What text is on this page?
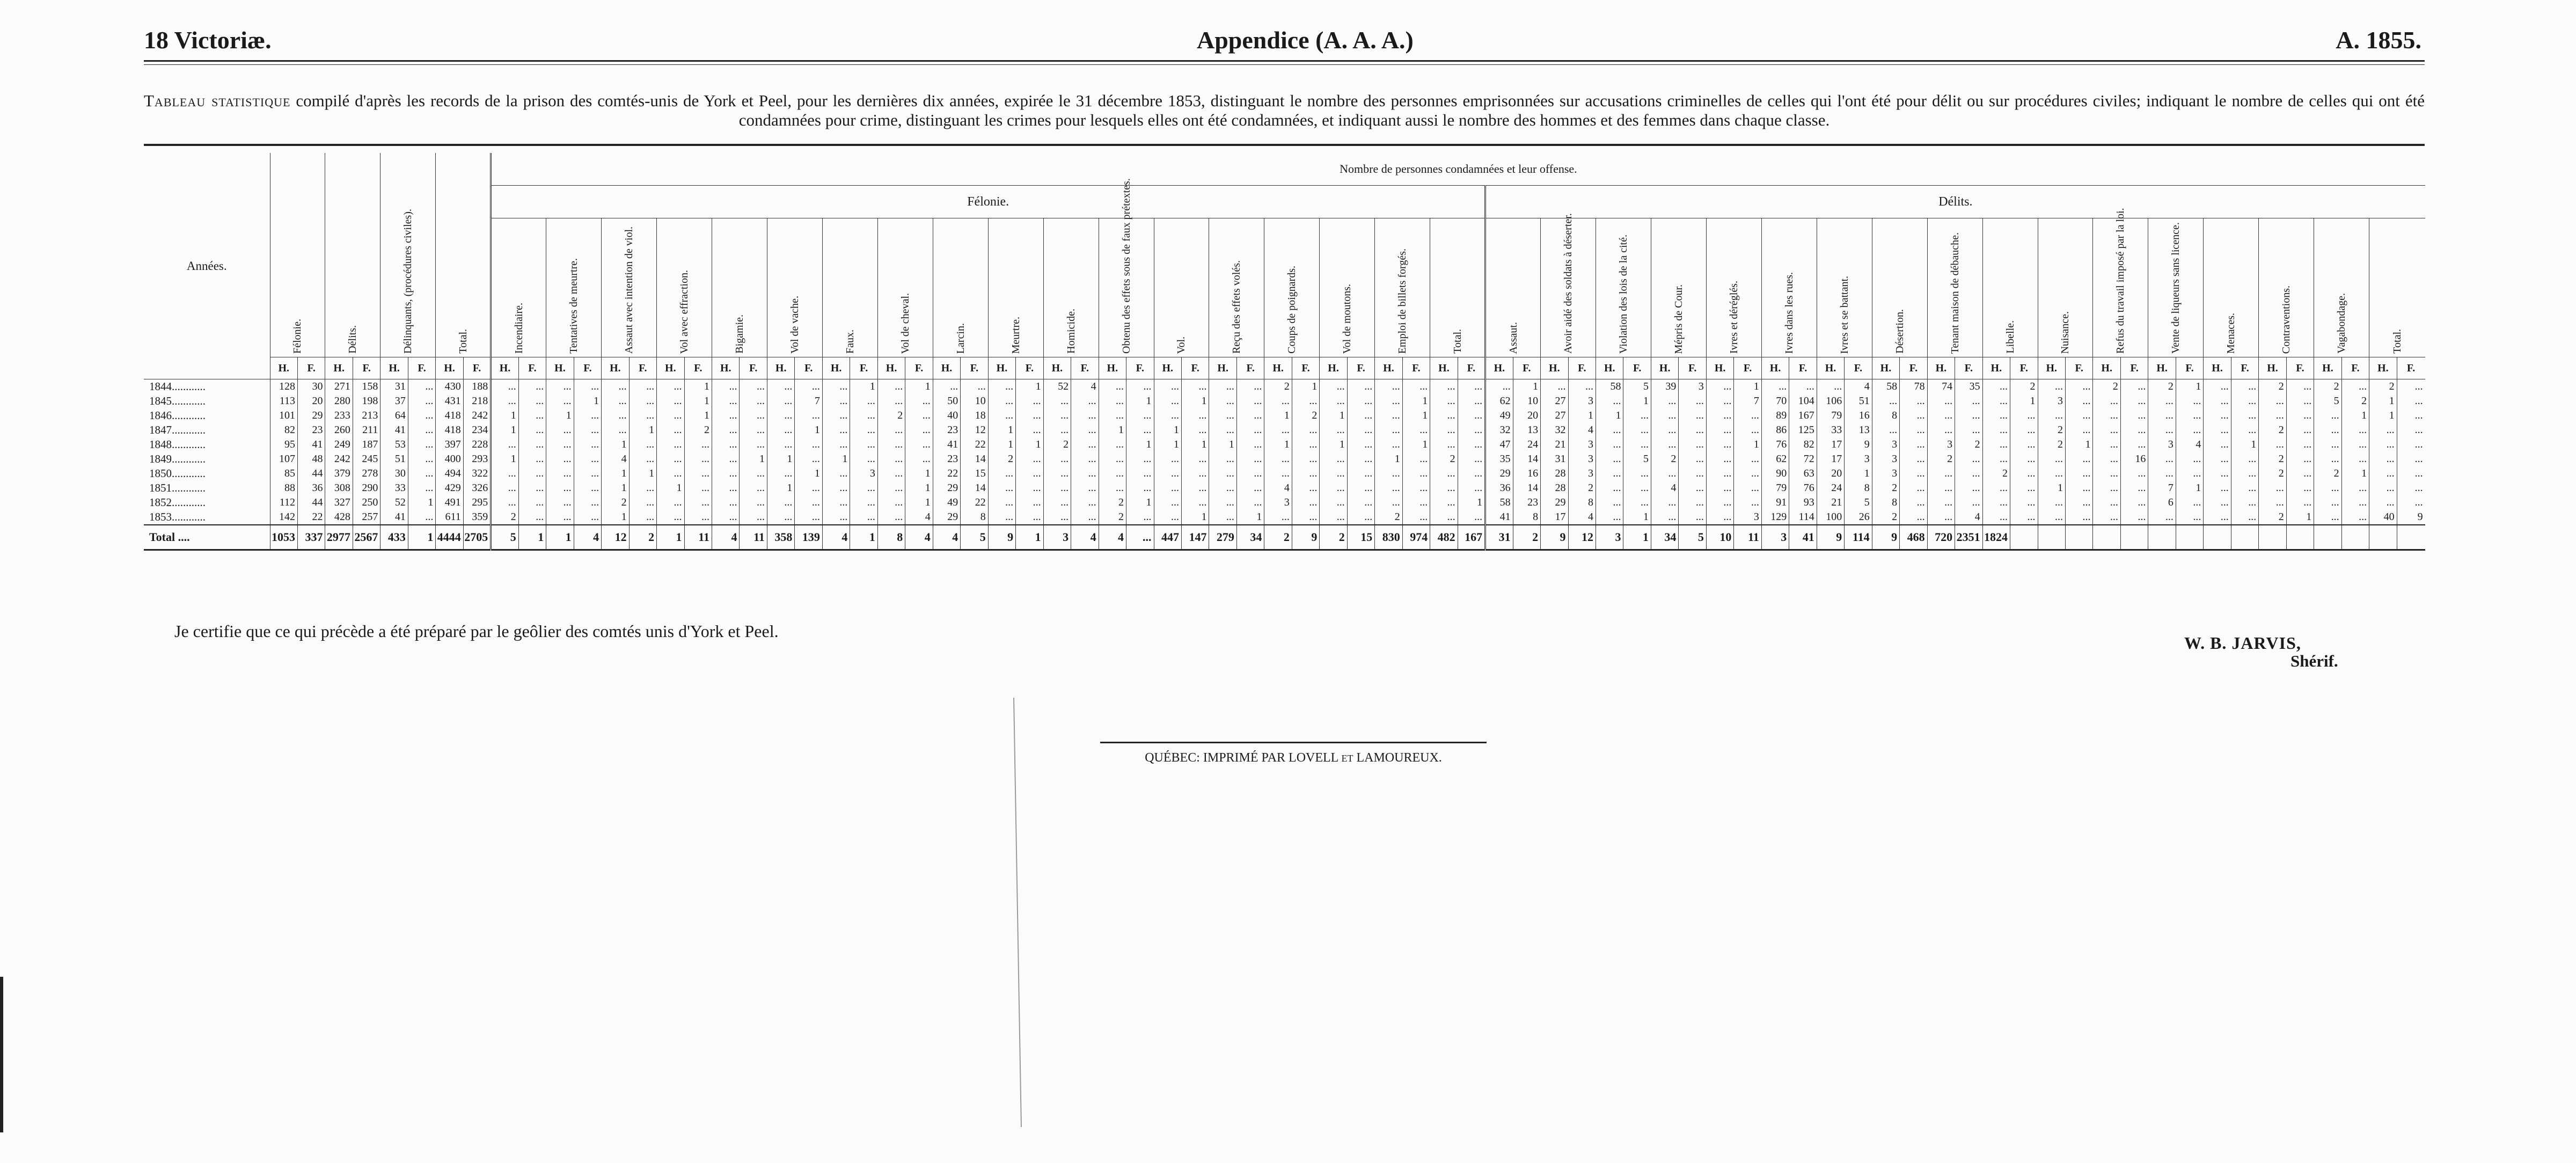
18 Victoriæ.	Appendice (A. A. A.)	A. 1855.
Tableau statistique compilé d'après les records de la prison des comtés-unis de York et Peel, pour les dernières dix années, expirée le 31 décembre 1853, distinguant le nombre des personnes emprisonnées sur accusations criminelles de celles qui l'ont été pour délit ou sur procédures civiles; indiquant le nombre de celles qui ont été condamnées pour crime, distinguant les crimes pour lesquels elles ont été condamnées, et indiquant aussi le nombre des hommes et des femmes dans chaque classe.
Années.	Félonie.	Délits.	Délinquants, (procédures civiles).	Total.	Nombre de personnes condamnées et leur offense.
Félonie.	Délits.
Incendiaire.	Tentatives de meurtre.	Assaut avec intention de viol.	Vol avec effraction.	Bigamie.	Vol de vache.	Faux.	Vol de cheval.	Larcin.	Meurtre.	Homicide.	Obtenu des effets sous de faux prétextes.	Vol.	Reçu des effets volés.	Coups de poignards.	Vol de moutons.	Emploi de billets forgés.	Total.	Assaut.	Avoir aidé des soldats à déserter.	Violation des lois de la cité.	Mépris de Cour.	Ivres et déréglés.	Ivres dans les rues.	Ivres et se battant.	Désertion.	Tenant maison de débauche.	Libelle.	Nuisance.	Refus du travail imposé par la loi.	Vente de liqueurs sans licence.	Menaces.	Contraventions.	Vagabondage.	Total.
H.	F.	H.	F.	H.	F.	H.	F.	H.	F.	H.	F.	H.	F.	H.	F.	H.	F.	H.	F.	H.	F.	H.	F.	H.	F.	H.	F.	H.	F.	H.	F.	H.	F.	H.	F.	H.	F.	H.	F.	H.	F.	H.	F.	H.	F.	H.	F.	H.	F.	H.	F.	H.	F.	H.	F.	H.	F.	H.	F.	H.	F.	H.	F.	H.	F.	H.	F.	H.	F.	H.	F.	H.	F.	H.	F.	H.	F.
1844............	128	30	271	158	31	...	430	188	...	...	...	...	...	...	...	1	...	...	...	...	...	1	...	1	...	...	...	1	52	4	...	...	...	...	...	...	2	1	...	...	...	...	...	...	...	1	...	...	58	5	39	3	...	1	...	...	...	4	58	78	74	35	...	2	...	...	2	...	2	1	...	...	2	...	2	...	2	...
1845............	113	20	280	198	37	...	431	218	...	...	...	1	...	...	...	1	...	...	...	7	...	...	...	...	50	10	...	...	...	...	...	1	...	1	...	...	...	...	...	...	...	1	...	...	62	10	27	3	...	1	...	...	...	7	70	104	106	51	...	...	...	...	...	1	3	...	...	...	...	...	...	...	...	...	5	2	1	...
1846............	101	29	233	213	64	...	418	242	1	...	1	...	...	...	...	1	...	...	...	...	...	...	2	...	40	18	...	...	...	...	...	...	...	...	...	...	1	2	1	...	...	1	...	...	49	20	27	1	1	...	...	...	...	...	89	167	79	16	8	...	...	...	...	...	...	...	...	...	...	...	...	...	...	...	...	1	1	...
1847............	82	23	260	211	41	...	418	234	1	...	...	...	...	1	...	2	...	...	...	1	...	...	...	...	23	12	1	...	...	...	1	...	1	...	...	...	...	...	...	...	...	...	...	...	32	13	32	4	...	...	...	...	...	...	86	125	33	13	...	...	...	...	...	...	2	...	...	...	...	...	...	...	2	...	...	...	...	...
1848............	95	41	249	187	53	...	397	228	...	...	...	...	1	...	...	...	...	...	...	...	...	...	...	...	41	22	1	1	2	...	...	1	1	1	1	...	1	...	1	...	...	1	...	...	47	24	21	3	...	...	...	...	...	1	76	82	17	9	3	...	3	2	...	...	2	1	...	...	3	4	...	1	...	...	...	...	...	...
1849............	107	48	242	245	51	...	400	293	1	...	...	...	4	...	...	...	...	1	1	...	1	...	...	...	23	14	2	...	...	...	...	...	...	...	...	...	...	...	...	...	1	...	2	...	35	14	31	3	...	5	2	...	...	...	62	72	17	3	3	...	2	...	...	...	...	...	...	16	...	...	...	...	2	...	...	...	...	...
1850............	85	44	379	278	30	...	494	322	...	...	...	...	1	1	...	...	...	...	...	1	...	3	...	1	22	15	...	...	...	...	...	...	...	...	...	...	...	...	...	...	...	...	...	...	29	16	28	3	...	...	...	...	...	...	90	63	20	1	3	...	...	...	2	...	...	...	...	...	...	...	...	...	2	...	2	1	...	...
1851............	88	36	308	290	33	...	429	326	...	...	...	...	1	...	1	...	...	...	1	...	...	...	...	1	29	14	...	...	...	...	...	...	...	...	...	...	4	...	...	...	...	...	...	...	36	14	28	2	...	...	4	...	...	...	79	76	24	8	2	...	...	...	...	...	1	...	...	...	7	1	...	...	...	...	...	...	...	...
1852............	112	44	327	250	52	1	491	295	...	...	...	...	2	...	...	...	...	...	...	...	...	...	...	1	49	22	...	...	...	...	2	1	...	...	...	...	3	...	...	...	...	...	...	1	58	23	29	8	...	...	...	...	...	...	91	93	21	5	8	...	...	...	...	...	...	...	...	...	6	...	...	...	...	...	...	...	...	...
1853............	142	22	428	257	41	...	611	359	2	...	...	...	1	...	...	...	...	...	...	...	...	...	...	4	29	8	...	...	...	...	2	...	...	1	...	1	...	...	...	...	2	...	...	...	41	8	17	4	...	1	...	...	...	3	129	114	100	26	2	...	...	4	...	...	...	...	...	...	...	...	...	...	2	1	...	...	40	9
Total ....	1053	337	2977	2567	433	1	4444	2705	5	1	1	4	12	2	1	11	4	11	358	139	4	1	8	4	4	5	9	1	3	4	4	...	447	147	279	34	2	9	2	15	830	974	482	167	31	2	9	12	3	1	34	5	10	11	3	41	9	114	9	468	720	2351	1824															
Je certifie que ce qui précède a été préparé par le geôlier des comtés unis d'York et Peel.
W. B. JARVIS,
Shérif.
QUÉBEC: IMPRIMÉ PAR LOVELL ET LAMOUREUX.
